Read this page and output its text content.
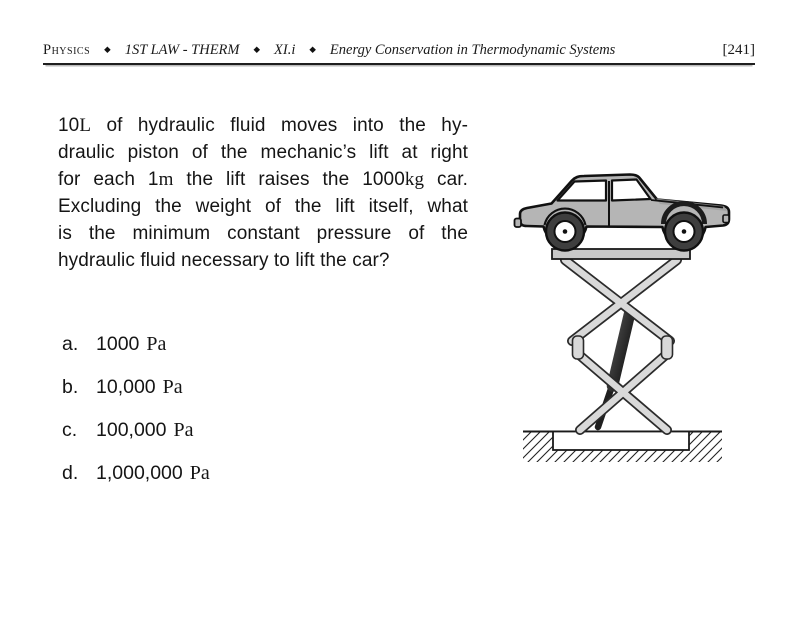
Physics ◆ 1ST LAW - THERM ◆ XI.i ◆ Energy Conservation in Thermodynamic Systems	[241]
10L of hydraulic fluid moves into the hy-
draulic piston of the mechanic’s lift at right
for each 1m the lift raises the 1000kg car.
Excluding the weight of the lift itself, what
is the minimum constant pressure of the
hydraulic fluid necessary to lift the car?
a. 1000 Pa
b. 10,000 Pa
c. 100,000 Pa
d. 1,000,000 Pa
